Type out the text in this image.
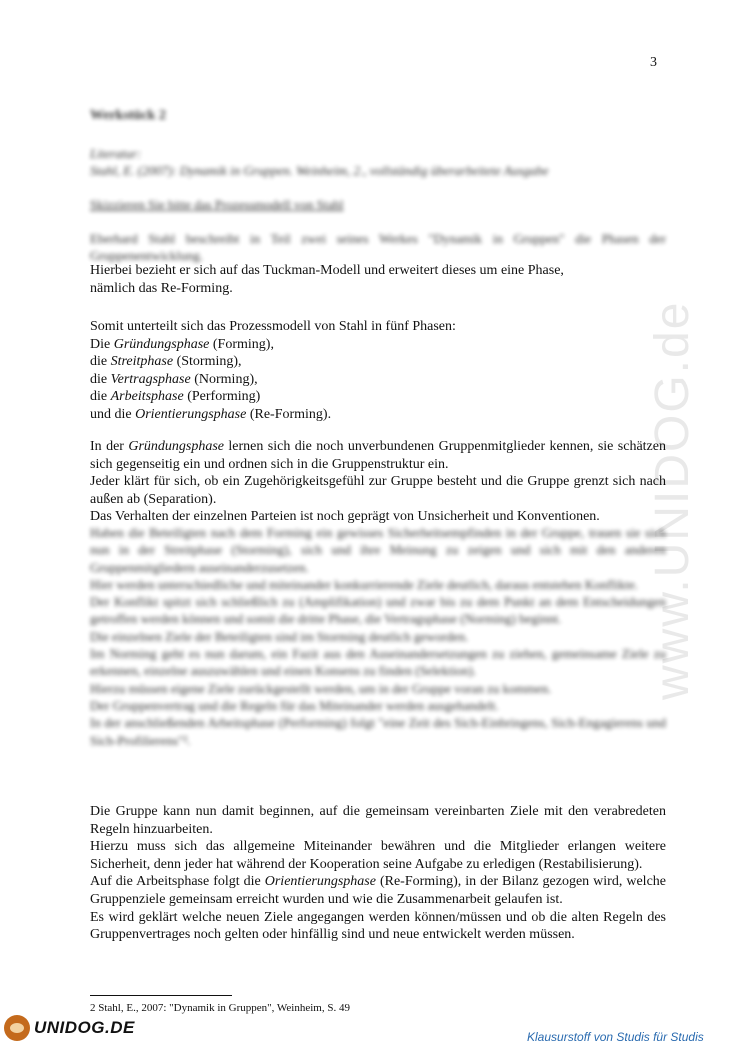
3
www.UNIDOG.de
Werkstück 2

Literatur:

Stahl, E. (2007): Dynamik in Gruppen. Weinheim, 2., vollständig überarbeitete Ausgabe

Skizzieren Sie bitte das Prozessmodell von Stahl
Eberhard Stahl beschreibt in Teil zwei seines Werkes "Dynamik in Gruppen" die Phasen der Gruppenentwicklung.

Hierbei bezieht er sich auf das Tuckman-Modell und erweitert dieses um eine Phase,

nämlich das Re-Forming.

Somit unterteilt sich das Prozessmodell von Stahl in fünf Phasen:

Die Gründungsphase (Forming),

die Streitphase (Storming),

die Vertragsphase (Norming),

die Arbeitsphase (Performing)

und die Orientierungsphase (Re-Forming).

In der Gründungsphase lernen sich die noch unverbundenen Gruppenmitglieder kennen, sie schätzen sich gegenseitig ein und ordnen sich in die Gruppenstruktur ein.

Jeder klärt für sich, ob ein Zugehörigkeitsgefühl zur Gruppe besteht und die Gruppe grenzt sich nach außen ab (Separation).

Das Verhalten der einzelnen Parteien ist noch geprägt von Unsicherheit und Konventionen.

Haben die Beteiligten nach dem Forming ein gewisses Sicherheitsempfinden in der Gruppe, trauen sie sich nun in der Streitphase (Storming), sich und ihre Meinung zu zeigen und sich mit den anderen Gruppenmitgliedern auseinanderzusetzen.

Hier werden unterschiedliche und miteinander konkurrierende Ziele deutlich, daraus entstehen Konflikte.

Der Konflikt spitzt sich schließlich zu (Amplifikation) und zwar bis zu dem Punkt an dem Entscheidungen getroffen werden können und somit die dritte Phase, die Vertragsphase (Norming) beginnt.

Die einzelnen Ziele der Beteiligten sind im Storming deutlich geworden.

Im Norming geht es nun darum, ein Fazit aus den Auseinandersetzungen zu ziehen, gemeinsame Ziele zu erkennen, einzelne auszuwählen und einen Konsens zu finden (Selektion).

Hierzu müssen eigene Ziele zurückgestellt werden, um in der Gruppe voran zu kommen.

Der Gruppenvertrag und die Regeln für das Miteinander werden ausgehandelt.

In der anschließenden Arbeitsphase (Performing) folgt "eine Zeit des Sich-Einbringens, Sich-Engagierens und Sich-Profilierens"².

Die Gruppe kann nun damit beginnen, auf die gemeinsam vereinbarten Ziele mit den verabredeten Regeln hinzuarbeiten.

Hierzu muss sich das allgemeine Miteinander bewähren und die Mitglieder erlangen weitere Sicherheit, denn jeder hat während der Kooperation seine Aufgabe zu erledigen (Restabilisierung).

Auf die Arbeitsphase folgt die Orientierungsphase (Re-Forming), in der Bilanz gezogen wird, welche Gruppenziele gemeinsam erreicht wurden und wie die Zusammenarbeit gelaufen ist.

Es wird geklärt welche neuen Ziele angegangen werden können/müssen und ob die alten Regeln des Gruppenvertrages noch gelten oder hinfällig sind und neue entwickelt werden müssen.

2 Stahl, E., 2007: "Dynamik in Gruppen", Weinheim, S. 49
UNIDOG.DE	Klausurstoff von Studis für Studis
